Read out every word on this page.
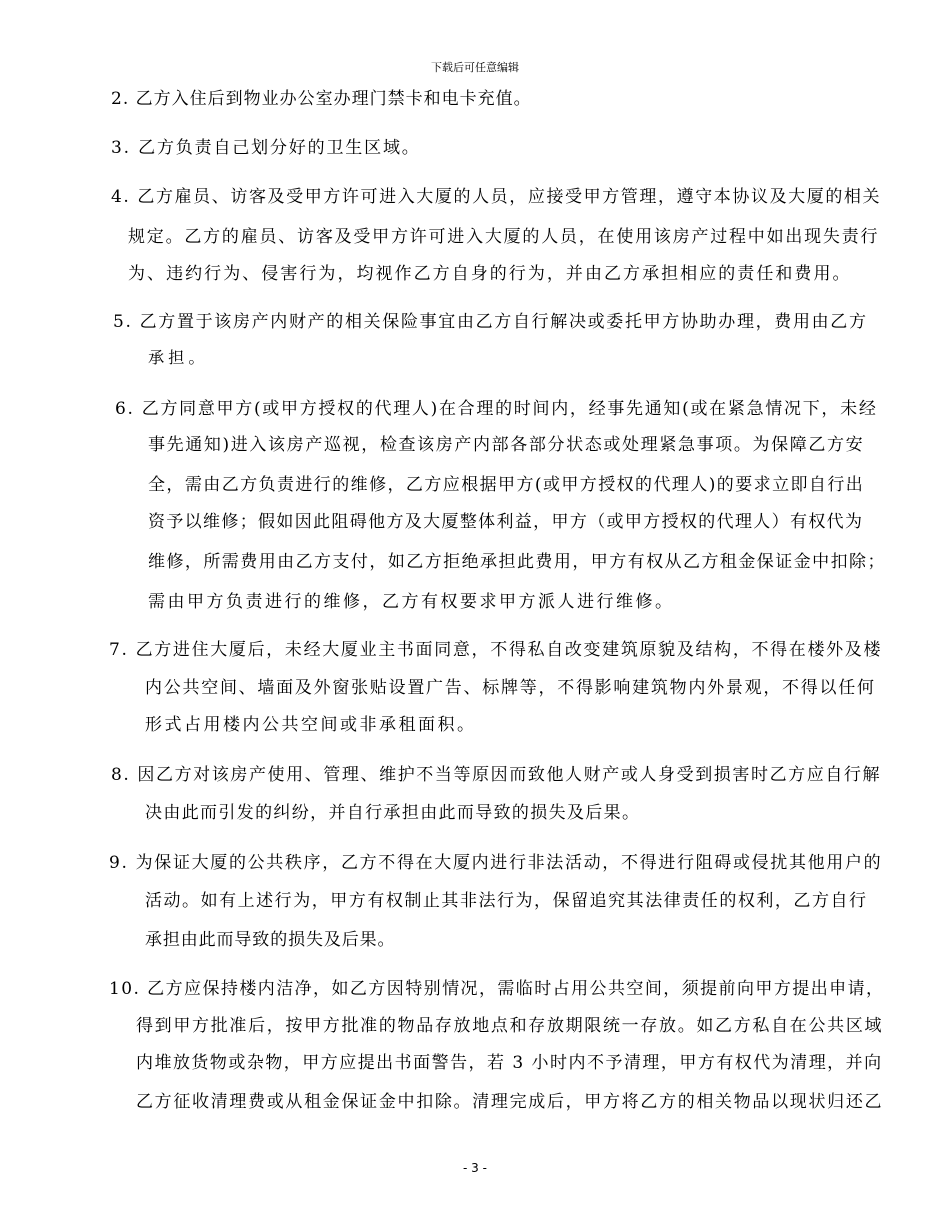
下载后可任意编辑
2. 乙方入住后到物业办公室办理门禁卡和电卡充值。
3. 乙方负责自己划分好的卫生区域。
4. 乙方雇员、访客及受甲方许可进入大厦的人员，应接受甲方管理，遵守本协议及大厦的相关
规定。乙方的雇员、访客及受甲方许可进入大厦的人员，在使用该房产过程中如出现失责行
为、违约行为、侵害行为，均视作乙方自身的行为，并由乙方承担相应的责任和费用。
5. 乙方置于该房产内财产的相关保险事宜由乙方自行解决或委托甲方协助办理，费用由乙方
承担。
6. 乙方同意甲方(或甲方授权的代理人)在合理的时间内，经事先通知(或在紧急情况下，未经
事先通知)进入该房产巡视，检查该房产内部各部分状态或处理紧急事项。为保障乙方安
全，需由乙方负责进行的维修，乙方应根据甲方(或甲方授权的代理人)的要求立即自行出
资予以维修；假如因此阻碍他方及大厦整体利益，甲方（或甲方授权的代理人）有权代为
维修，所需费用由乙方支付，如乙方拒绝承担此费用，甲方有权从乙方租金保证金中扣除；
需由甲方负责进行的维修，乙方有权要求甲方派人进行维修。
7. 乙方进住大厦后，未经大厦业主书面同意，不得私自改变建筑原貌及结构，不得在楼外及楼
内公共空间、墙面及外窗张贴设置广告、标牌等，不得影响建筑物内外景观，不得以任何
形式占用楼内公共空间或非承租面积。
8. 因乙方对该房产使用、管理、维护不当等原因而致他人财产或人身受到损害时乙方应自行解
决由此而引发的纠纷，并自行承担由此而导致的损失及后果。
9. 为保证大厦的公共秩序，乙方不得在大厦内进行非法活动，不得进行阻碍或侵扰其他用户的
活动。如有上述行为，甲方有权制止其非法行为，保留追究其法律责任的权利，乙方自行
承担由此而导致的损失及后果。
10. 乙方应保持楼内洁净，如乙方因特别情况，需临时占用公共空间，须提前向甲方提出申请，
得到甲方批准后，按甲方批准的物品存放地点和存放期限统一存放。如乙方私自在公共区域
内堆放货物或杂物，甲方应提出书面警告，若 3 小时内不予清理，甲方有权代为清理，并向
乙方征收清理费或从租金保证金中扣除。清理完成后，甲方将乙方的相关物品以现状归还乙
- 3 -
